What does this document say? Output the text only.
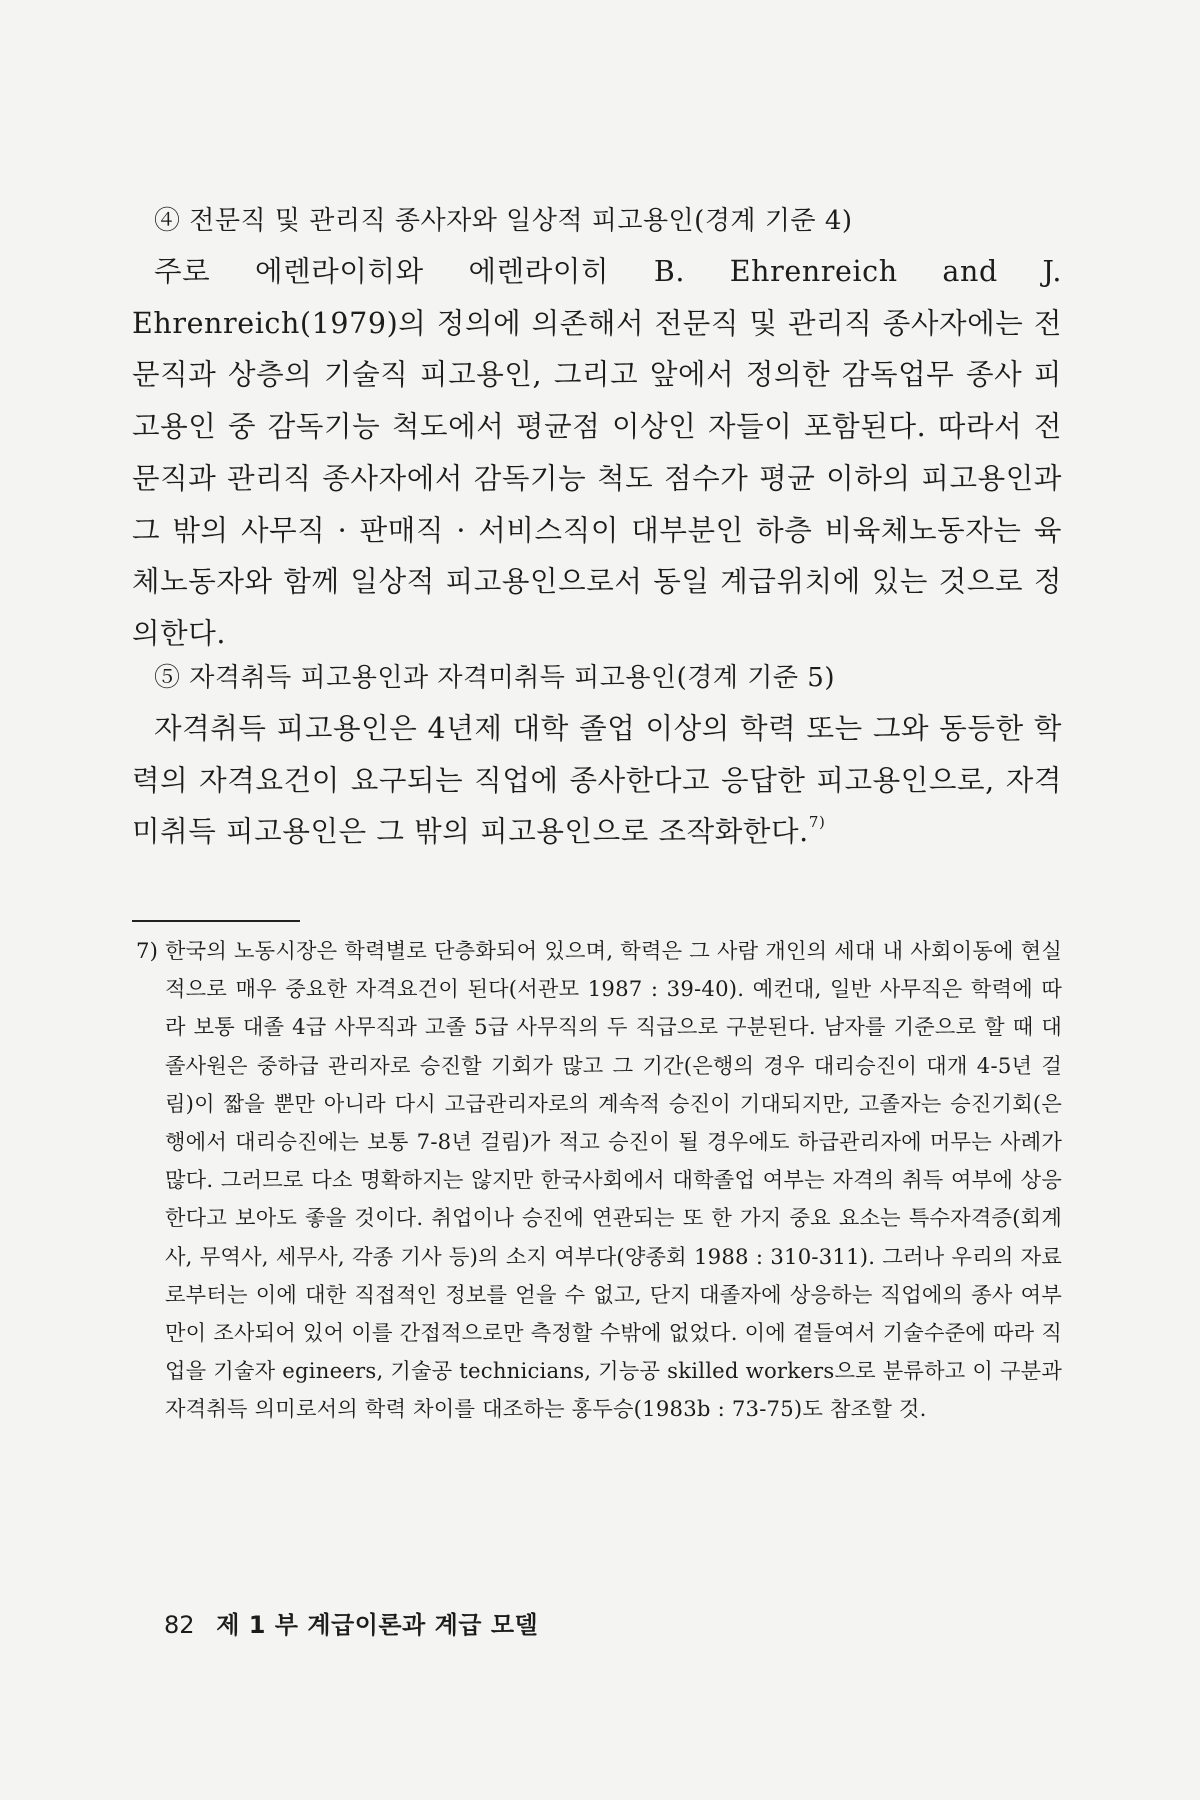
④ 전문직 및 관리직 종사자와 일상적 피고용인(경계 기준 4)

주로 에렌라이히와 에렌라이히 B. Ehrenreich and J. Ehrenreich(1979)의 정의에 의존해서 전문직 및 관리직 종사자에는 전문직과 상층의 기술직 피고용인, 그리고 앞에서 정의한 감독업무 종사 피고용인 중 감독기능 척도에서 평균점 이상인 자들이 포함된다. 따라서 전문직과 관리직 종사자에서 감독기능 척도 점수가 평균 이하의 피고용인과 그 밖의 사무직 · 판매직 · 서비스직이 대부분인 하층 비육체노동자는 육체노동자와 함께 일상적 피고용인으로서 동일 계급위치에 있는 것으로 정의한다.

⑤ 자격취득 피고용인과 자격미취득 피고용인(경계 기준 5)

자격취득 피고용인은 4년제 대학 졸업 이상의 학력 또는 그와 동등한 학력의 자격요건이 요구되는 직업에 종사한다고 응답한 피고용인으로, 자격미취득 피고용인은 그 밖의 피고용인으로 조작화한다.$^{7)}$

7) 한국의 노동시장은 학력별로 단층화되어 있으며, 학력은 그 사람 개인의 세대 내 사회이동에 현실적으로 매우 중요한 자격요건이 된다(서관모 1987 : 39-40). 예컨대, 일반 사무직은 학력에 따라 보통 대졸 4급 사무직과 고졸 5급 사무직의 두 직급으로 구분된다. 남자를 기준으로 할 때 대졸사원은 중하급 관리자로 승진할 기회가 많고 그 기간(은행의 경우 대리승진이 대개 4-5년 걸림)이 짧을 뿐만 아니라 다시 고급관리자로의 계속적 승진이 기대되지만, 고졸자는 승진기회(은행에서 대리승진에는 보통 7-8년 걸림)가 적고 승진이 될 경우에도 하급관리자에 머무는 사례가 많다. 그러므로 다소 명확하지는 않지만 한국사회에서 대학졸업 여부는 자격의 취득 여부에 상응한다고 보아도 좋을 것이다. 취업이나 승진에 연관되는 또 한 가지 중요 요소는 특수자격증(회계사, 무역사, 세무사, 각종 기사 등)의 소지 여부다(양종회 1988 : 310-311). 그러나 우리의 자료로부터는 이에 대한 직접적인 정보를 얻을 수 없고, 단지 대졸자에 상응하는 직업에의 종사 여부만이 조사되어 있어 이를 간접적으로만 측정할 수밖에 없었다. 이에 곁들여서 기술수준에 따라 직업을 기술자 egineers, 기술공 technicians, 기능공 skilled workers으로 분류하고 이 구분과 자격취득 의미로서의 학력 차이를 대조하는 홍두승(1983b : 73-75)도 참조할 것.
82 제 1 부 계급이론과 계급 모델
